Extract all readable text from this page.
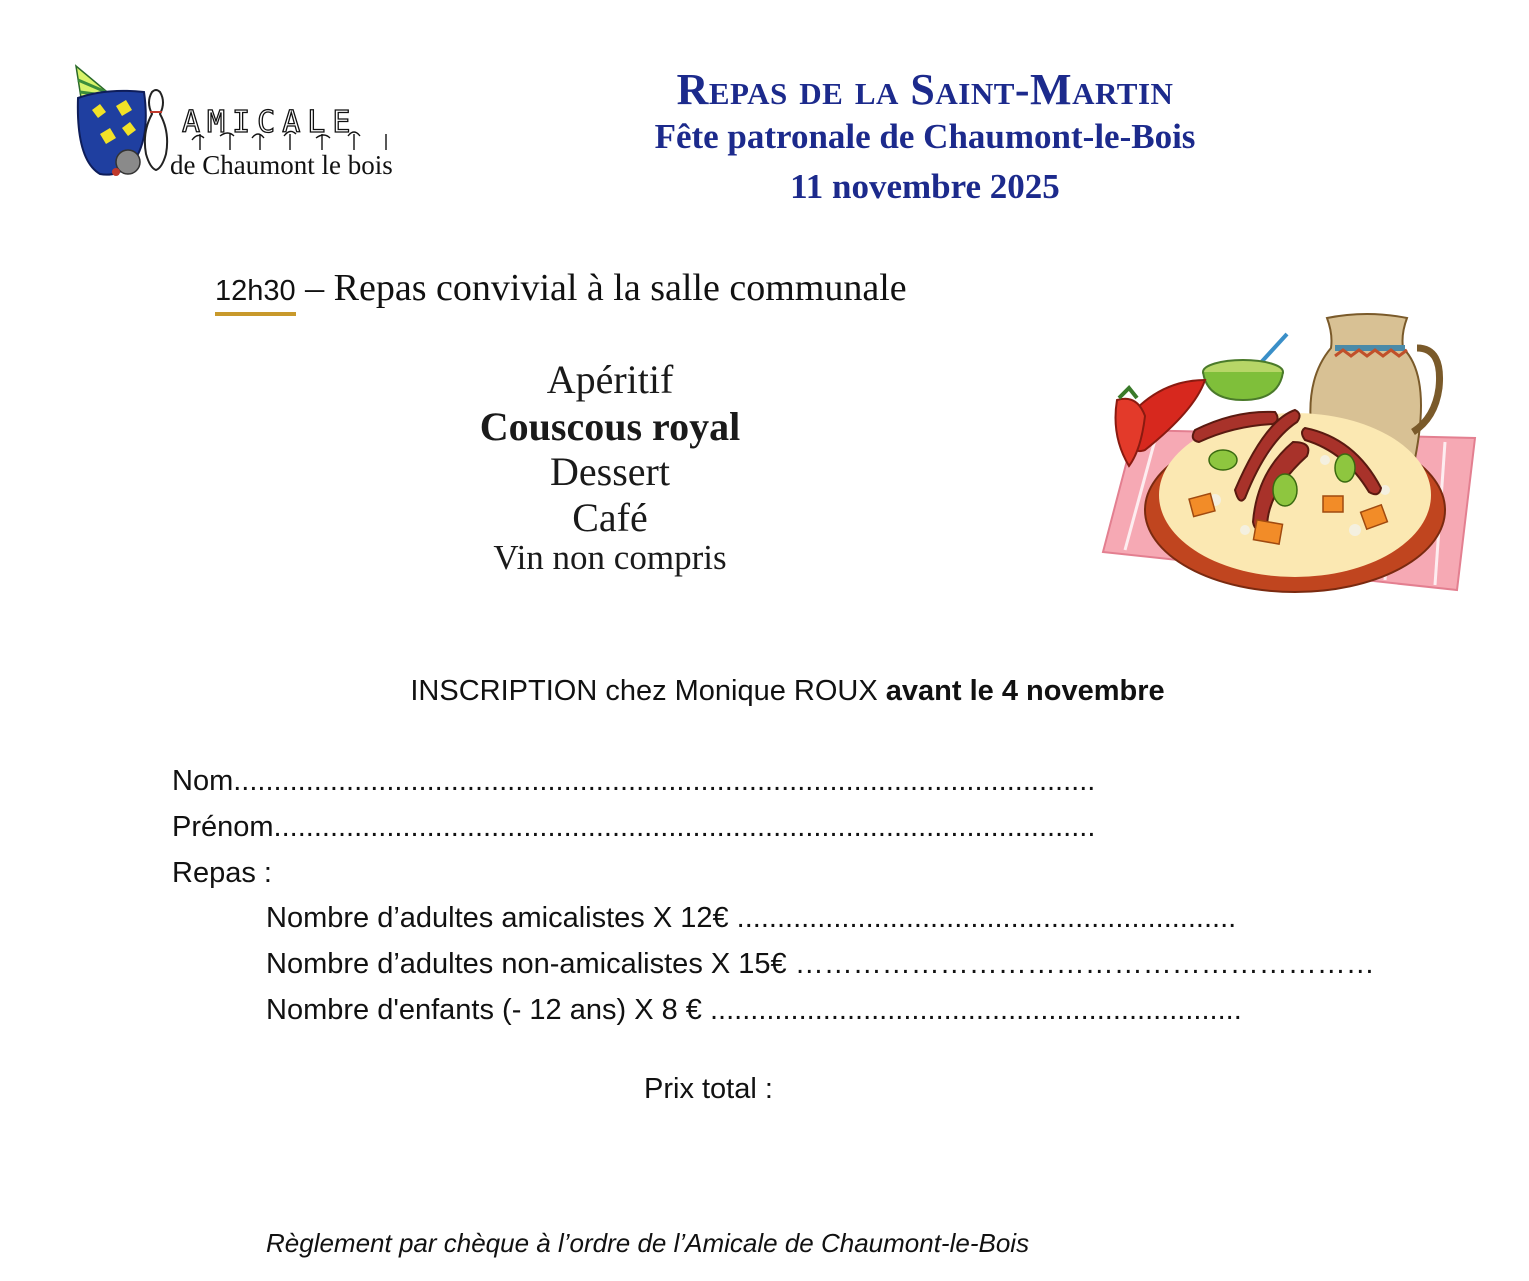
AMICALE
de Chaumont le bois
Repas de la Saint-Martin
Fête patronale de Chaumont-le-Bois
11 novembre 2025
12h30 – Repas convivial à la salle communale
Apéritif
Couscous royal
Dessert
Café
Vin non compris
INSCRIPTION chez Monique ROUX avant le 4 novembre
Nom...........................................................................................................
Prénom......................................................................................................
Repas :
Nombre d’adultes amicalistes X 12€ ..............................................................
Nombre d’adultes non-amicalistes X 15€ ……………………………………………………
Nombre d'enfants (- 12 ans) X 8 € ..................................................................
Prix total :
Règlement par chèque à l’ordre de l’Amicale de Chaumont-le-Bois
